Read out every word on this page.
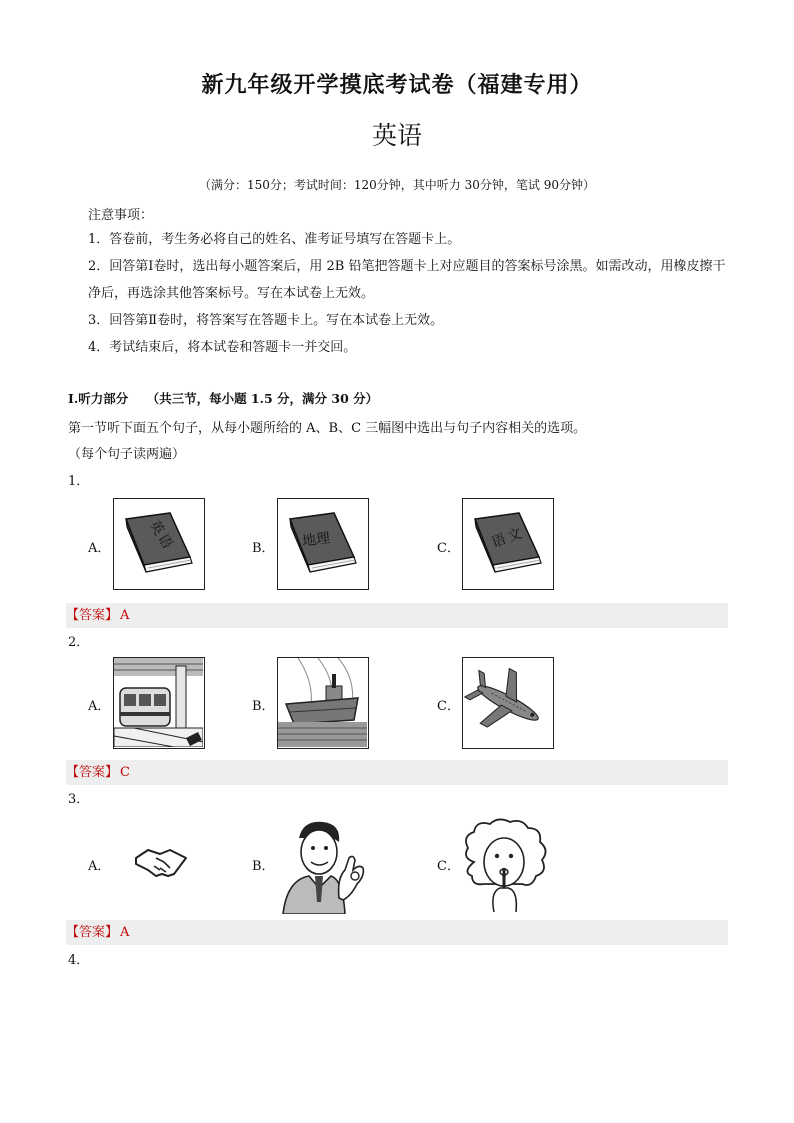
新九年级开学摸底考试卷（福建专用）
英语
（满分：150分；考试时间：120分钟，其中听力 30分钟，笔试 90分钟）
注意事项：
1．答卷前，考生务必将自己的姓名、准考证号填写在答题卡上。
2．回答第Ⅰ卷时，选出每小题答案后，用 2B 铅笔把答题卡上对应题目的答案标号涂黑。如需改动，用橡皮擦干净后，再选涂其他答案标号。写在本试卷上无效。
3．回答第Ⅱ卷时，将答案写在答题卡上。写在本试卷上无效。
4．考试结束后，将本试卷和答题卡一并交回。
Ⅰ.听力部分 （共三节，每小题 1.5 分，满分 30 分）
第一节听下面五个句子，从每小题所给的 A、B、C 三幅图中选出与句子内容相关的选项。
（每个句子读两遍）
1．
A．	英语	B． 地理	C． 语文
【答案】 A
2．
A．	B．	C．
【答案】 C
3．
A．	B．	C．
【答案】 A
4．
